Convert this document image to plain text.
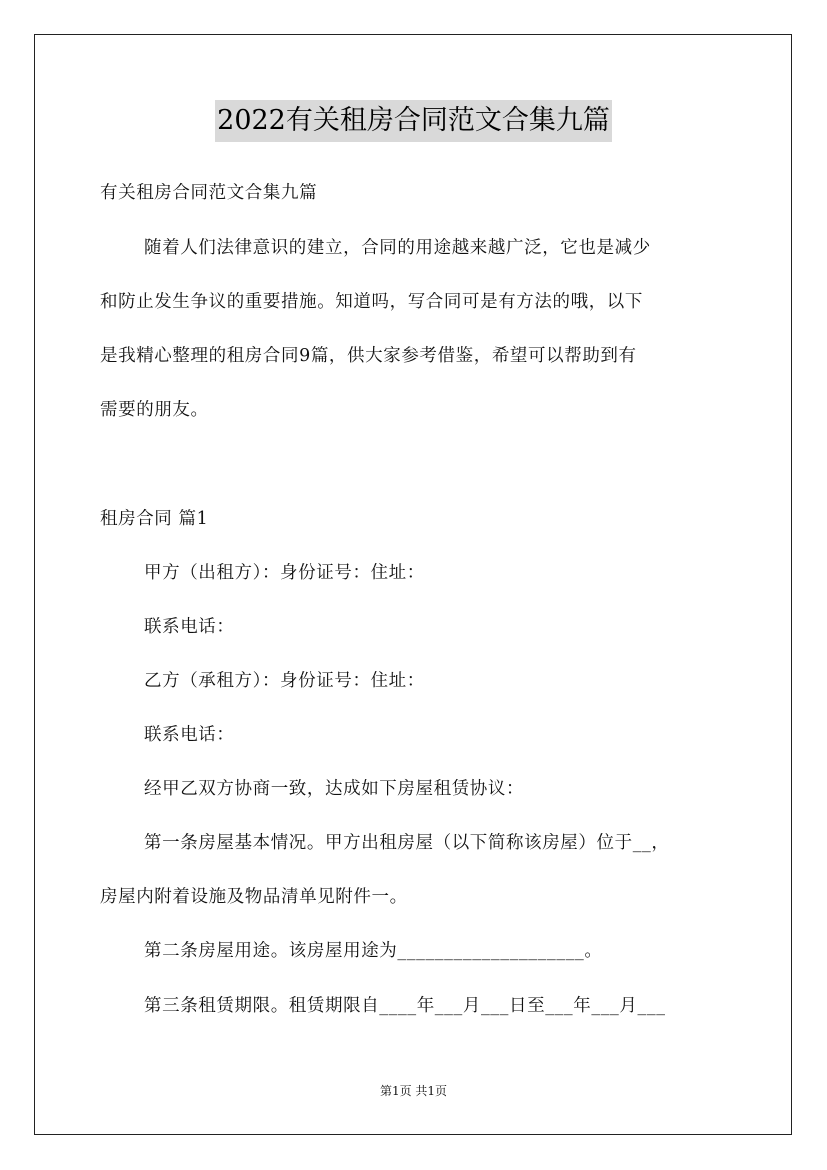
2022有关租房合同范文合集九篇
有关租房合同范文合集九篇
随着人们法律意识的建立，合同的用途越来越广泛，它也是减少
和防止发生争议的重要措施。知道吗，写合同可是有方法的哦，以下
是我精心整理的租房合同9篇，供大家参考借鉴，希望可以帮助到有
需要的朋友。
租房合同 篇1
甲方（出租方）：身份证号：住址：
联系电话：
乙方（承租方）：身份证号：住址：
联系电话：
经甲乙双方协商一致，达成如下房屋租赁协议：
第一条房屋基本情况。甲方出租房屋（以下简称该房屋）位于__，
房屋内附着设施及物品清单见附件一。
第二条房屋用途。该房屋用途为____________________。
第三条租赁期限。租赁期限自____年___月___日至___年___月___
第1页 共1页
